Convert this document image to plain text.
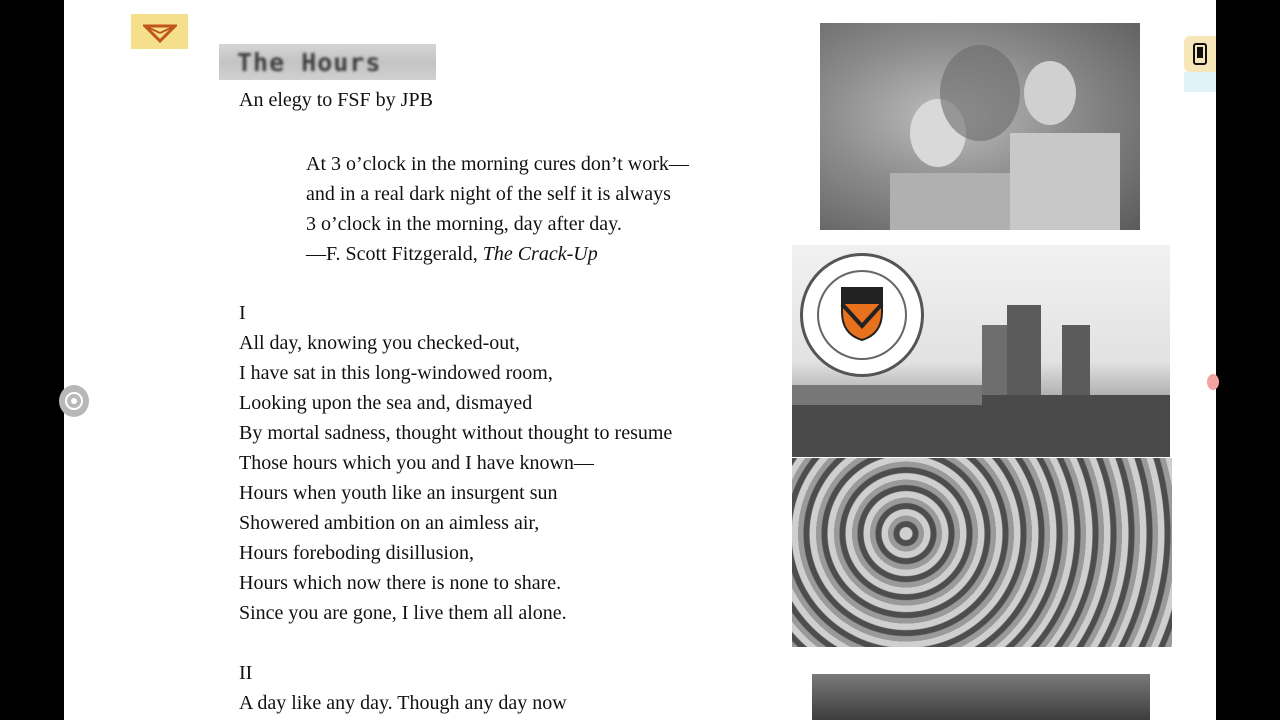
The Hours
An elegy to FSF by JPB
At 3 o’clock in the morning cures don’t work—
and in a real dark night of the self it is always
3 o’clock in the morning, day after day.
—F. Scott Fitzgerald, The Crack-Up
I
All day, knowing you checked-out,
I have sat in this long-windowed room,
Looking upon the sea and, dismayed
By mortal sadness, thought without thought to resume
Those hours which you and I have known—
Hours when youth like an insurgent sun
Showered ambition on an aimless air,
Hours foreboding disillusion,
Hours which now there is none to share.
Since you are gone, I live them all alone.
II
A day like any day. Though any day now
